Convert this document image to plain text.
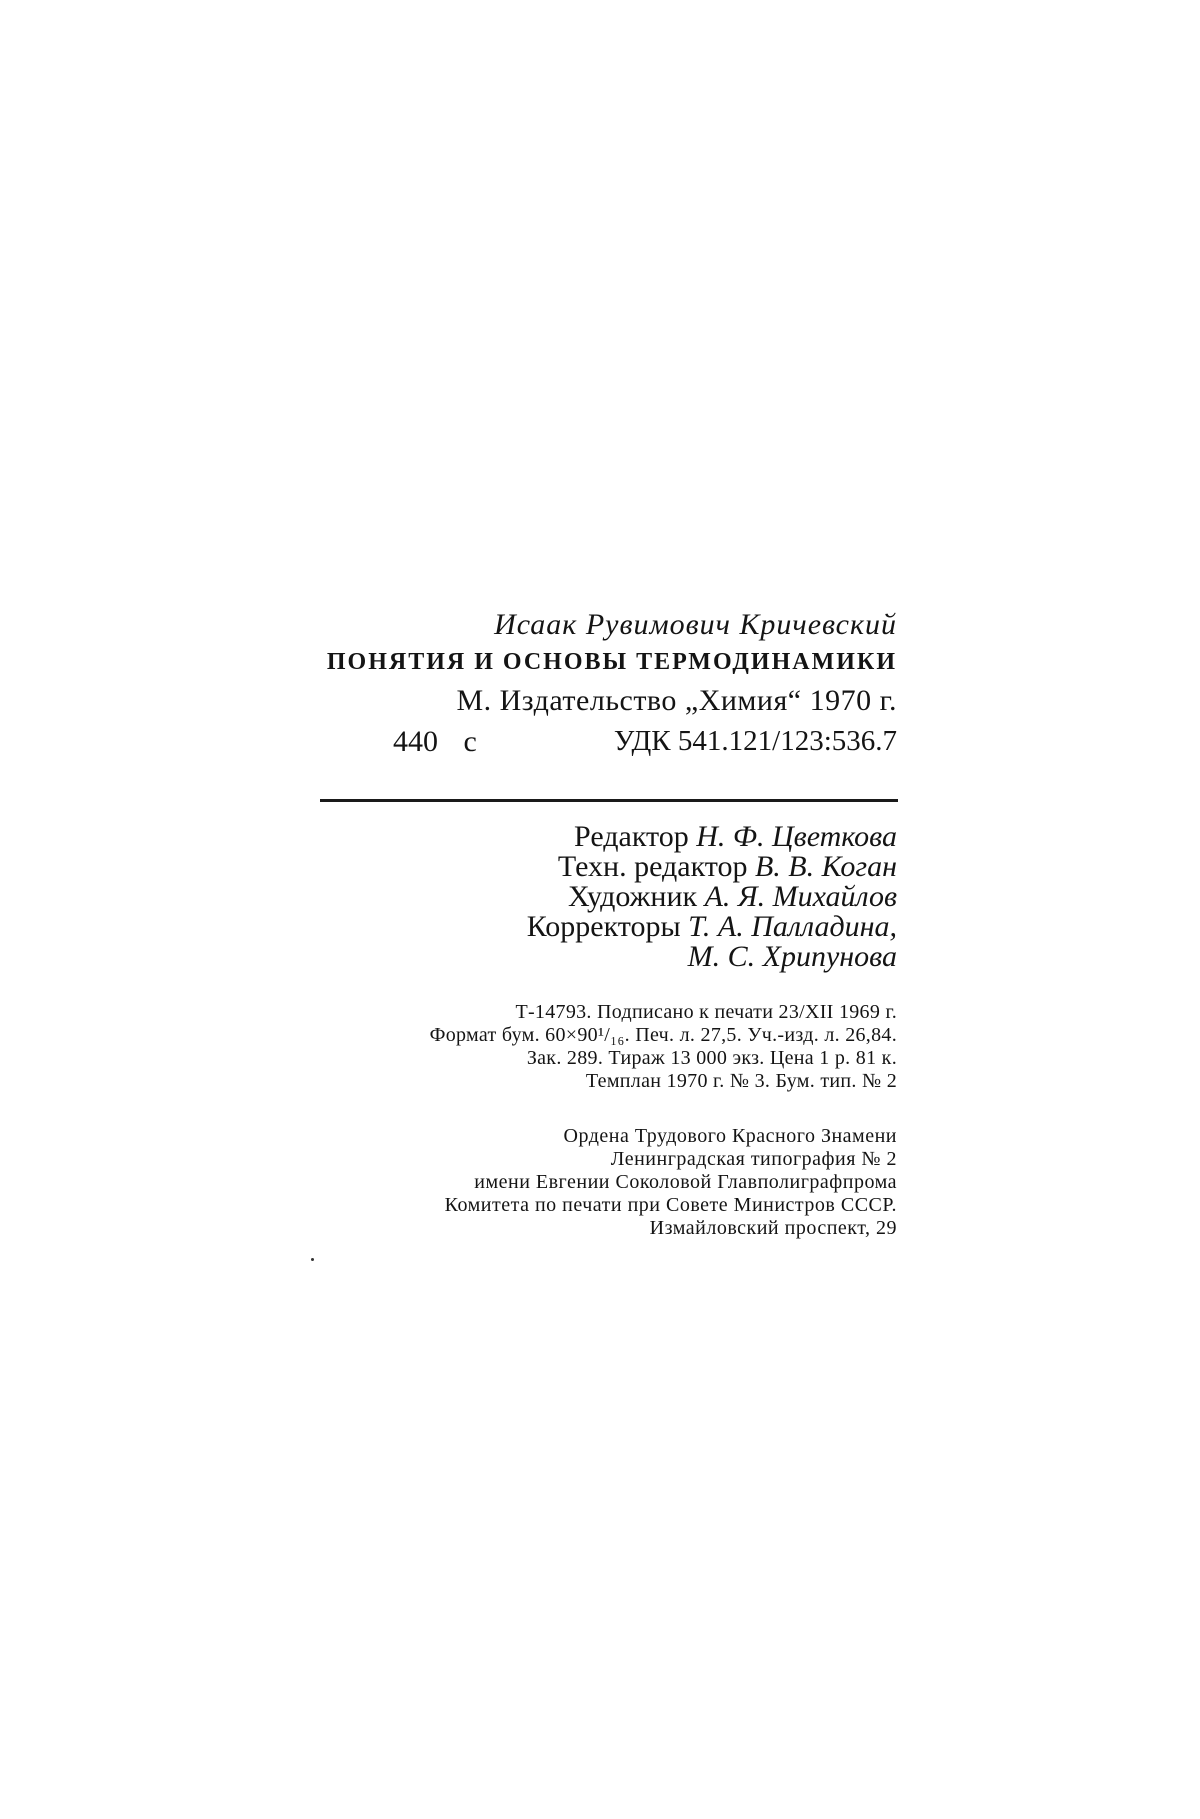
Исаак Рувимович Кричевский
ПОНЯТИЯ И ОСНОВЫ ТЕРМОДИНАМИКИ
М. Издательство „Химия“ 1970 г.
440 с	УДК 541.121/123:536.7
Редактор Н. Ф. Цветкова
Техн. редактор В. В. Коган
Художник А. Я. Михайлов
Корректоры Т. А. Палладина,
М. С. Хрипунова
Т-14793. Подписано к печати 23/XII 1969 г.
Формат бум. 60×90¹/₁₆. Печ. л. 27,5. Уч.-изд. л. 26,84.
Зак. 289. Тираж 13 000 экз. Цена 1 р. 81 к.
Темплан 1970 г. № 3. Бум. тип. № 2
Ордена Трудового Красного Знамени
Ленинградская типография № 2
имени Евгении Соколовой Главполиграфпрома
Комитета по печати при Совете Министров СССР.
Измайловский проспект, 29
